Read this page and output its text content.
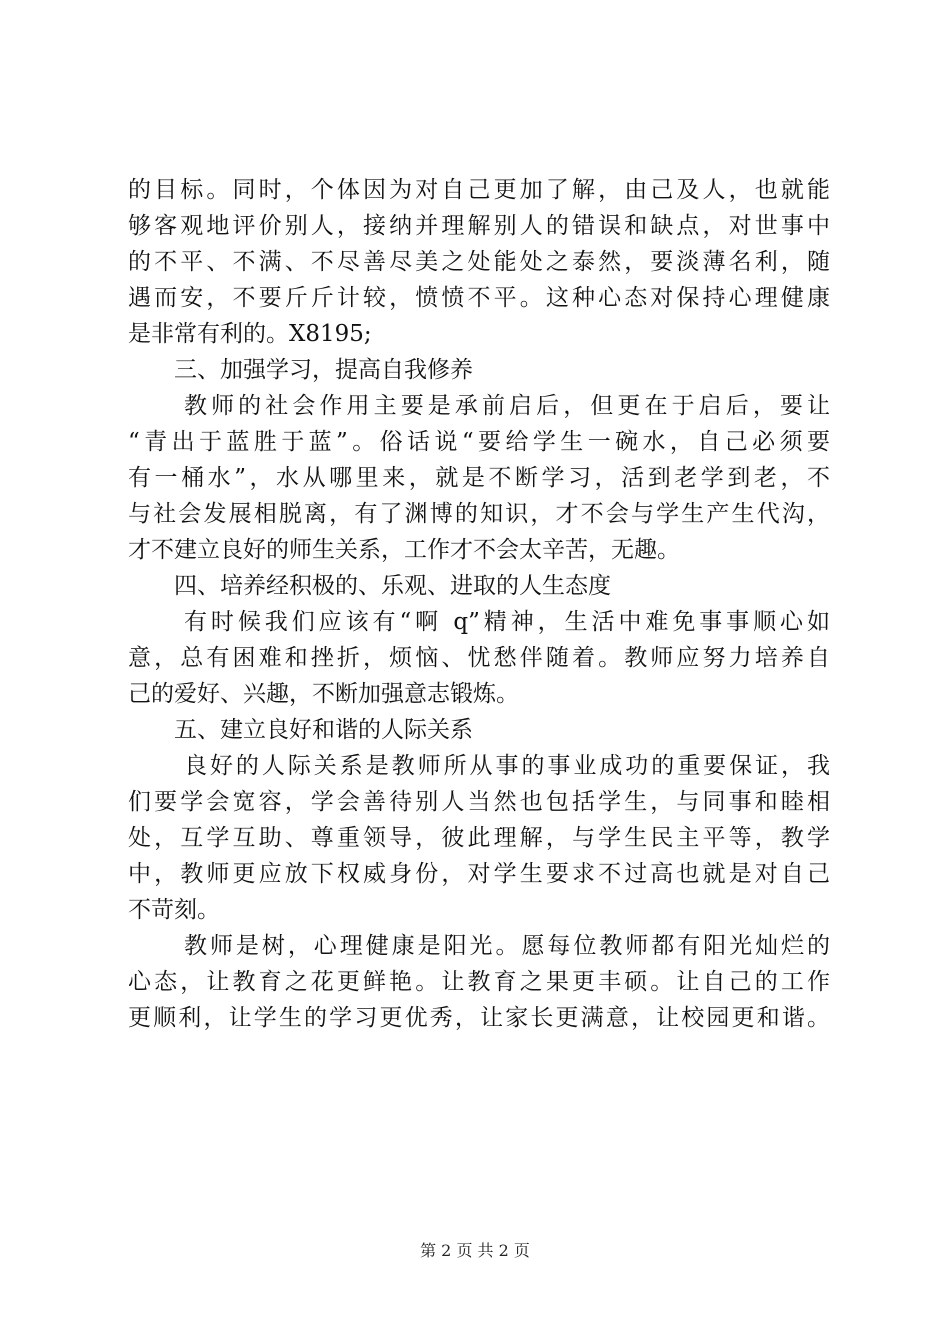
的目标。同时，个体因为对自己更加了解，由己及人，也就能
够客观地评价别人，接纳并理解别人的错误和缺点，对世事中
的不平、不满、不尽善尽美之处能处之泰然，要淡薄名利，随
遇而安，不要斤斤计较，愤愤不平。这种心态对保持心理健康
是非常有利的。X8195;
三、加强学习，提高自我修养
教师的社会作用主要是承前启后，但更在于启后，要让
“青出于蓝胜于蓝”。俗话说“要给学生一碗水，自己必须要
有一桶水”，水从哪里来，就是不断学习，活到老学到老，不
与社会发展相脱离，有了渊博的知识，才不会与学生产生代沟，
才不建立良好的师生关系，工作才不会太辛苦，无趣。
四、培养经积极的、乐观、进取的人生态度
有时候我们应该有“啊 q”精神，生活中难免事事顺心如
意，总有困难和挫折，烦恼、忧愁伴随着。教师应努力培养自
己的爱好、兴趣，不断加强意志锻炼。
五、建立良好和谐的人际关系
良好的人际关系是教师所从事的事业成功的重要保证，我
们要学会宽容，学会善待别人当然也包括学生，与同事和睦相
处，互学互助、尊重领导，彼此理解，与学生民主平等，教学
中，教师更应放下权威身份，对学生要求不过高也就是对自己
不苛刻。
教师是树，心理健康是阳光。愿每位教师都有阳光灿烂的
心态，让教育之花更鲜艳。让教育之果更丰硕。让自己的工作
更顺利，让学生的学习更优秀，让家长更满意，让校园更和谐。
第 2 页 共 2 页
